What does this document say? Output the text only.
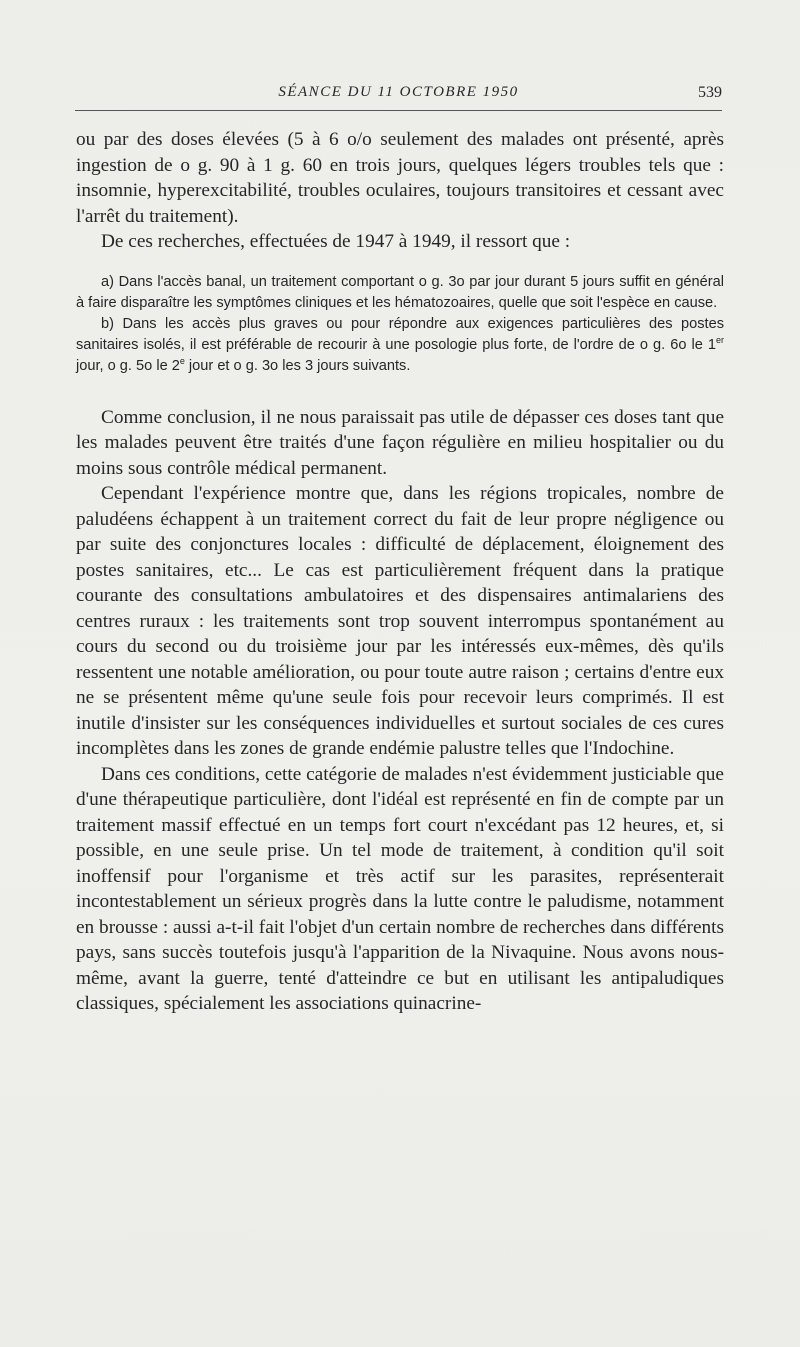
SÉANCE DU 11 OCTOBRE 1950	539

ou par des doses élevées (5 à 6 o/o seulement des malades ont présenté, après ingestion de o g. 90 à 1 g. 60 en trois jours, quelques légers troubles tels que : insomnie, hyperexcitabilité, troubles oculaires, toujours transitoires et cessant avec l'arrêt du traitement).

De ces recherches, effectuées de 1947 à 1949, il ressort que :

a) Dans l'accès banal, un traitement comportant o g. 3o par jour durant 5 jours suffit en général à faire disparaître les symptômes cliniques et les hématozoaires, quelle que soit l'espèce en cause.

b) Dans les accès plus graves ou pour répondre aux exigences particulières des postes sanitaires isolés, il est préférable de recourir à une posologie plus forte, de l'ordre de o g. 6o le 1er jour, o g. 5o le 2e jour et o g. 3o les 3 jours suivants.

Comme conclusion, il ne nous paraissait pas utile de dépasser ces doses tant que les malades peuvent être traités d'une façon régulière en milieu hospitalier ou du moins sous contrôle médical permanent.

Cependant l'expérience montre que, dans les régions tropicales, nombre de paludéens échappent à un traitement correct du fait de leur propre négligence ou par suite des conjonctures locales : difficulté de déplacement, éloignement des postes sanitaires, etc... Le cas est particulièrement fréquent dans la pratique courante des consultations ambulatoires et des dispensaires antimalariens des centres ruraux : les traitements sont trop souvent interrompus spontanément au cours du second ou du troisième jour par les intéressés eux-mêmes, dès qu'ils ressentent une notable amélioration, ou pour toute autre raison ; certains d'entre eux ne se présentent même qu'une seule fois pour recevoir leurs comprimés. Il est inutile d'insister sur les conséquences individuelles et surtout sociales de ces cures incomplètes dans les zones de grande endémie palustre telles que l'Indochine.

Dans ces conditions, cette catégorie de malades n'est évidemment justiciable que d'une thérapeutique particulière, dont l'idéal est représenté en fin de compte par un traitement massif effectué en un temps fort court n'excédant pas 12 heures, et, si possible, en une seule prise. Un tel mode de traitement, à condition qu'il soit inoffensif pour l'organisme et très actif sur les parasites, représenterait incontestablement un sérieux progrès dans la lutte contre le paludisme, notamment en brousse : aussi a-t-il fait l'objet d'un certain nombre de recherches dans différents pays, sans succès toutefois jusqu'à l'apparition de la Nivaquine. Nous avons nous-même, avant la guerre, tenté d'atteindre ce but en utilisant les antipaludiques classiques, spécialement les associations quinacrine-
